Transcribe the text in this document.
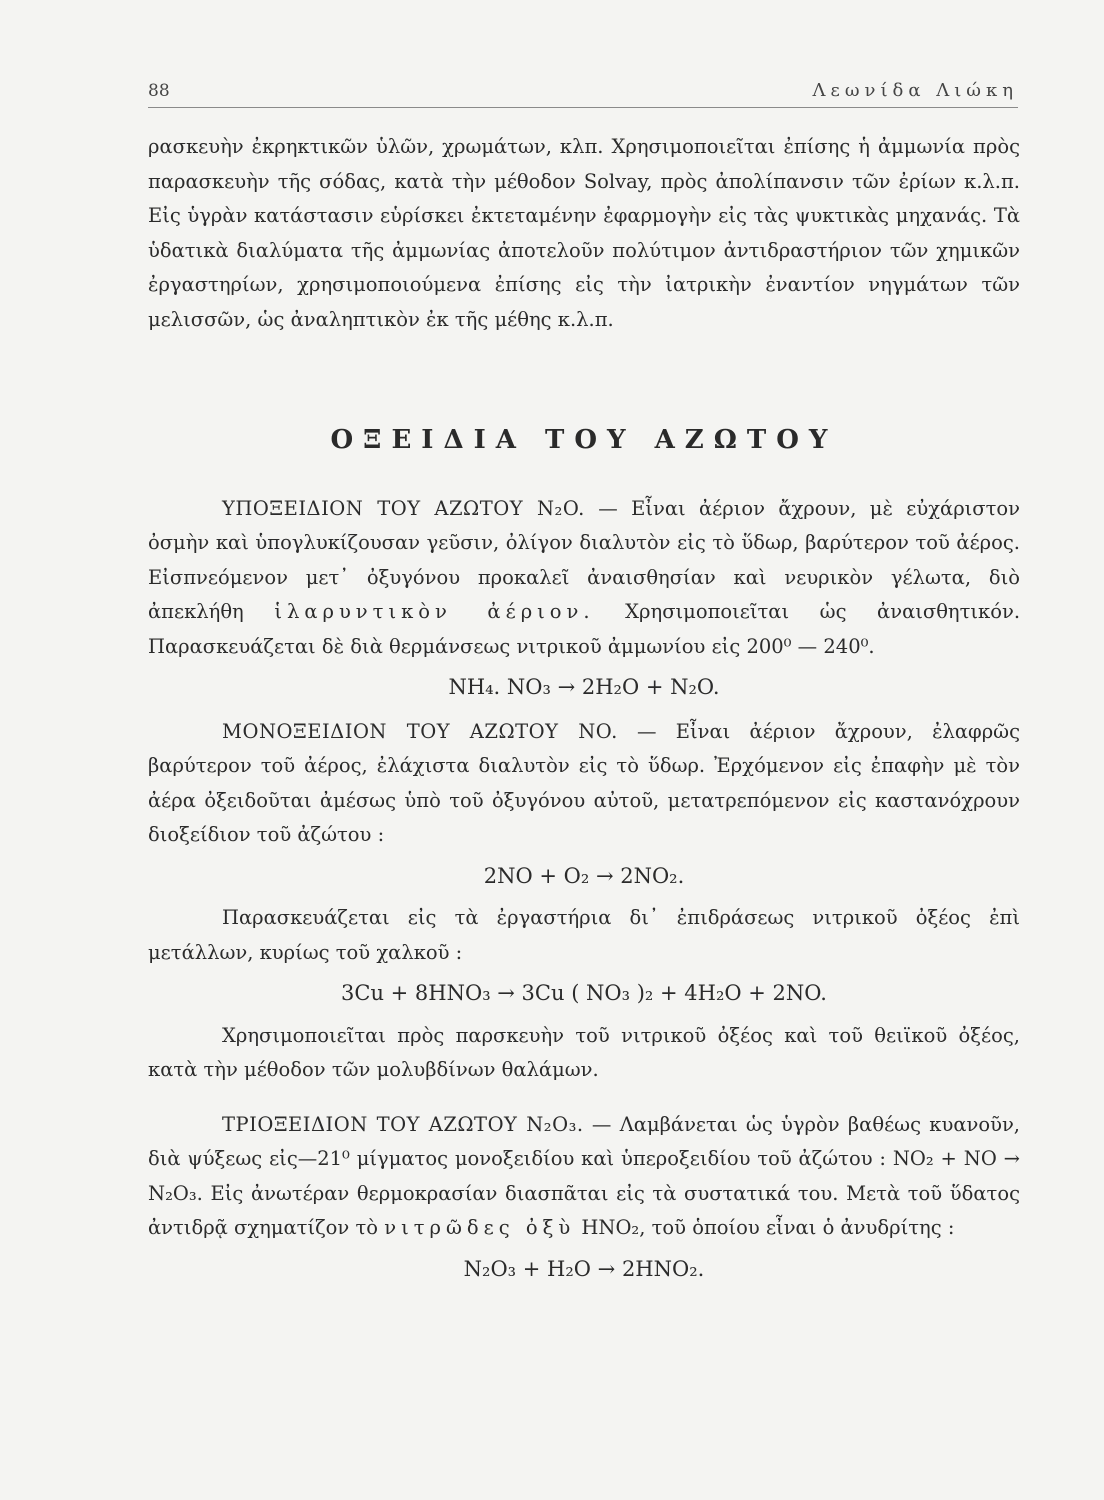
88	Λεωνίδα Λιώκη

ρασκευὴν ἐκρηκτικῶν ὑλῶν, χρωμάτων, κλπ. Χρησιμοποιεῖται ἐπίσης ἡ ἀμμωνία πρὸς παρασκευὴν τῆς σόδας, κατὰ τὴν μέθοδον Solvay, πρὸς ἀπολίπανσιν τῶν ἐρίων κ.λ.π. Εἰς ὑγρὰν κατάστασιν εὑρίσκει ἐκτεταμένην ἐφαρμογὴν εἰς τὰς ψυκτικὰς μηχανάς. Τὰ ὑδατικὰ διαλύματα τῆς ἀμμωνίας ἀποτελοῦν πολύτιμον ἀντιδραστήριον τῶν χημικῶν ἐργαστηρίων, χρησιμοποιούμενα ἐπίσης εἰς τὴν ἰατρικὴν ἐναντίον νηγμάτων τῶν μελισσῶν, ὡς ἀναληπτικὸν ἐκ τῆς μέθης κ.λ.π.

ΟΞΕΙΔΙΑ ΤΟΥ ΑΖΩΤΟΥ

ΥΠΟΞΕΙΔΙΟΝ ΤΟΥ ΑΖΩΤΟΥ N₂O. — Εἶναι ἀέριον ἄχρουν, μὲ εὐχάριστον ὀσμὴν καὶ ὑπογλυκίζουσαν γεῦσιν, ὀλίγον διαλυτὸν εἰς τὸ ὕδωρ, βαρύτερον τοῦ ἀέρος. Εἰσπνεόμενον μετ᾽ ὀξυγόνου προκαλεῖ ἀναισθησίαν καὶ νευρικὸν γέλωτα, διὸ ἀπεκλήθη ἱλαρυντικὸν ἀέριον. Χρησιμοποιεῖται ὡς ἀναισθητικόν. Παρασκευάζεται δὲ διὰ θερμάνσεως νιτρικοῦ ἀμμωνίου εἰς 200⁰ — 240⁰.

NH₄. NO₃ → 2H₂O + N₂O.

ΜΟΝΟΞΕΙΔΙΟΝ ΤΟΥ ΑΖΩΤΟΥ NO. — Εἶναι ἀέριον ἄχρουν, ἐλαφρῶς βαρύτερον τοῦ ἀέρος, ἐλάχιστα διαλυτὸν εἰς τὸ ὕδωρ. Ἐρχόμενον εἰς ἐπαφὴν μὲ τὸν ἀέρα ὀξειδοῦται ἀμέσως ὑπὸ τοῦ ὀξυγόνου αὐτοῦ, μετατρεπόμενον εἰς καστανόχρουν διοξείδιον τοῦ ἀζώτου :

2NO + O₂ → 2NO₂.

Παρασκευάζεται εἰς τὰ ἐργαστήρια δι᾽ ἐπιδράσεως νιτρικοῦ ὀξέος ἐπὶ μετάλλων, κυρίως τοῦ χαλκοῦ :

3Cu + 8HNO₃ → 3Cu ( NO₃ )₂ + 4H₂O + 2NO.

Χρησιμοποιεῖται πρὸς παρσκευὴν τοῦ νιτρικοῦ ὀξέος καὶ τοῦ θειϊκοῦ ὀξέος, κατὰ τὴν μέθοδον τῶν μολυβδίνων θαλάμων.

ΤΡΙΟΞΕΙΔΙΟΝ ΤΟΥ ΑΖΩΤΟΥ N₂O₃. — Λαμβάνεται ὡς ὑγρὸν βαθέως κυανοῦν, διὰ ψύξεως εἰς—21⁰ μίγματος μονοξειδίου καὶ ὑπεροξειδίου τοῦ ἀζώτου : NO₂ + NO → N₂O₃. Εἰς ἀνωτέραν θερμοκρασίαν διασπᾶται εἰς τὰ συστατικά του. Μετὰ τοῦ ὕδατος ἀντιδρᾷ σχηματίζον τὸ νιτρῶδες ὀξὺ HNO₂, τοῦ ὁποίου εἶναι ὁ ἀνυδρίτης :

N₂O₃ + H₂O → 2HNO₂.
